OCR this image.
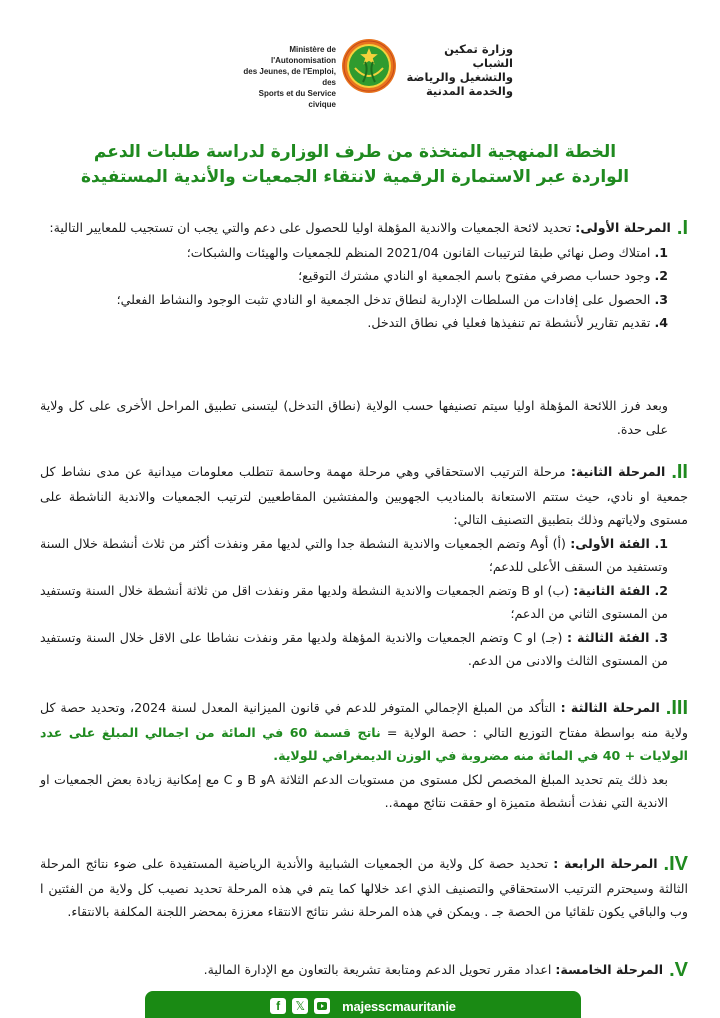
Ministère de l'Autonomisation
des Jeunes, de l'Emploi, des
Sports et du Service civique
وزارة تمكين الشباب
والتشغيل والرياضة
والخدمة المدنية
الخطة المنهجية المتخذة من طرف الوزارة لدراسة طلبات الدعم
الواردة عبر الاستمارة الرقمية لانتقاء الجمعيات والأندية المستفيدة

I.المرحلة الأولى: تحديد لائحة الجمعيات والاندية المؤهلة اوليا للحصول على دعم والتي يجب ان تستجيب للمعايير التالية:

1. امتلاك وصل نهائي طبقا لترتيبات القانون 2021/04 المنظم للجمعيات والهيئات والشبكات؛

2. وجود حساب مصرفي مفتوح باسم الجمعية او النادي مشترك التوقيع؛

3. الحصول على إفادات من السلطات الإدارية لنطاق تدخل الجمعية او النادي تثبت الوجود والنشاط الفعلي؛

4. تقديم تقارير لأنشطة تم تنفيذها فعليا في نطاق التدخل.

وبعد فرز اللائحة المؤهلة اوليا سيتم تصنيفها حسب الولاية (نطاق التدخل) ليتسنى تطبيق المراحل الأخرى على كل ولاية على حدة.

II.المرحلة الثانية: مرحلة الترتيب الاستحقاقي وهي مرحلة مهمة وحاسمة تتطلب معلومات ميدانية عن مدى نشاط كل جمعية او نادي، حيث ستتم الاستعانة بالمناديب الجهويين والمفتشين المقاطعيين لترتيب الجمعيات والاندية الناشطة على مستوى ولاياتهم وذلك بتطبيق التصنيف التالي:

1. الفئة الأولى: (أ) أوA وتضم الجمعيات والاندية النشطة جدا والتي لديها مقر ونفذت أكثر من ثلاث أنشطة خلال السنة وتستفيد من السقف الأعلى للدعم؛

2. الفئة الثانية: (ب) او B وتضم الجمعيات والاندية النشطة ولديها مقر ونفذت اقل من ثلاثة أنشطة خلال السنة وتستفيد من المستوى الثاني من الدعم؛

3. الفئة الثالثة : (جـ) او C وتضم الجمعيات والاندية المؤهلة ولديها مقر ونفذت نشاطا على الاقل خلال السنة وتستفيد من المستوى الثالث والادنى من الدعم.

III.المرحلة الثالثة : التأكد من المبلغ الإجمالي المتوفر للدعم في قانون الميزانية المعدل لسنة 2024، وتحديد حصة كل ولاية منه بواسطة مفتاح التوزيع التالي : حصة الولاية = ناتج قسمة 60 في المائة من اجمالي المبلغ على عدد الولايات + 40 في المائة منه مضروبة في الوزن الديمغرافي للولاية.

بعد ذلك يتم تحديد المبلغ المخصص لكل مستوى من مستويات الدعم الثلاثة Aو B و C مع إمكانية زيادة بعض الجمعيات او الاندية التي نفذت أنشطة متميزة او حققت نتائج مهمة..

IV.المرحلة الرابعة : تحديد حصة كل ولاية من الجمعيات الشبابية والأندية الرياضية المستفيدة على ضوء نتائج المرحلة الثالثة وسيحترم الترتيب الاستحقاقي والتصنيف الذي اعد خلالها كما يتم في هذه المرحلة تحديد نصيب كل ولاية من الفئتين ا وب والباقي يكون تلقائيا من الحصة جـ . ويمكن في هذه المرحلة نشر نتائج الانتقاء معززة بمحضر اللجنة المكلفة بالانتقاء.

V.المرحلة الخامسة: اعداد مقرر تحويل الدعم ومتابعة تشريعة بالتعاون مع الإدارة المالية.

f	𝕏	majesscmauritanie
